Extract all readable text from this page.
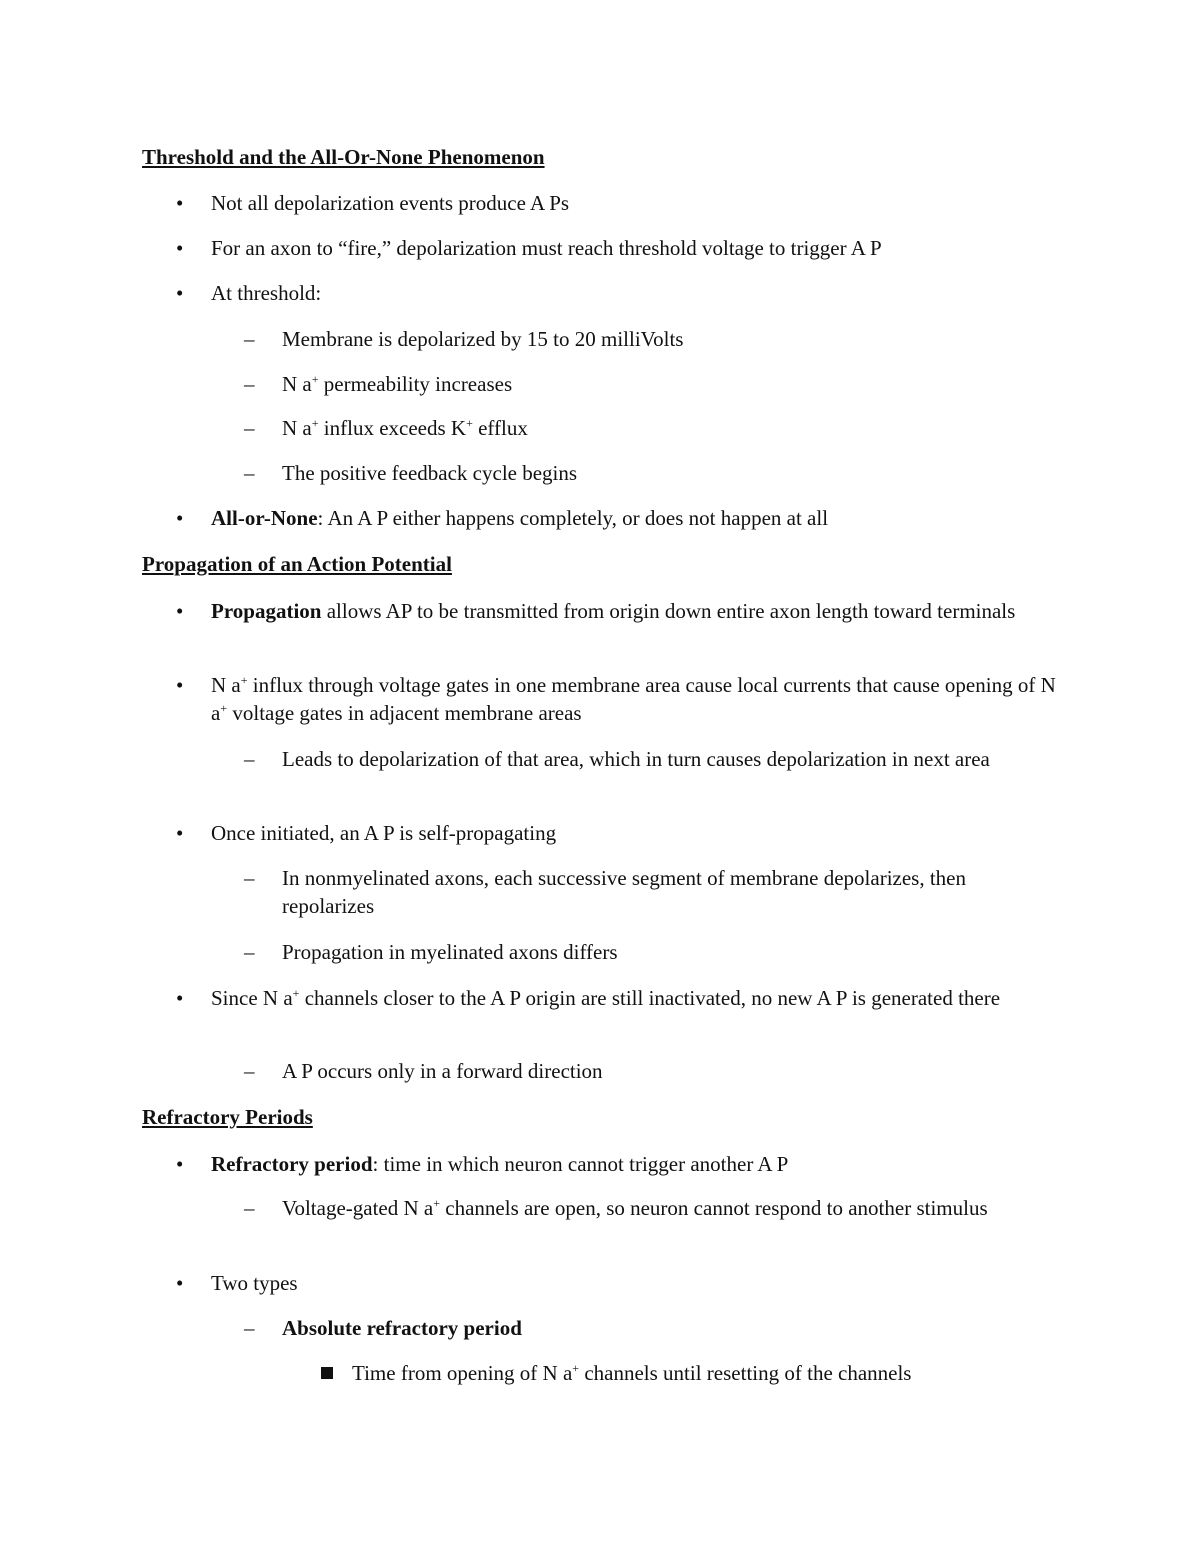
Threshold and the All-Or-None Phenomenon

• Not all depolarization events produce A Ps

• For an axon to “fire,” depolarization must reach threshold voltage to trigger A P

• At threshold:

– Membrane is depolarized by 15 to 20 milliVolts

– N a+ permeability increases

– N a+ influx exceeds K+ efflux

– The positive feedback cycle begins

• All-or-None: An A P either happens completely, or does not happen at all

Propagation of an Action Potential

• Propagation allows AP to be transmitted from origin down entire axon length toward terminals

• N a+ influx through voltage gates in one membrane area cause local currents that cause opening of N a+ voltage gates in adjacent membrane areas

– Leads to depolarization of that area, which in turn causes depolarization in next area

• Once initiated, an A P is self-propagating

– In nonmyelinated axons, each successive segment of membrane depolarizes, then repolarizes

– Propagation in myelinated axons differs

• Since N a+ channels closer to the A P origin are still inactivated, no new A P is generated there

– A P occurs only in a forward direction

Refractory Periods

• Refractory period: time in which neuron cannot trigger another A P

– Voltage-gated N a+ channels are open, so neuron cannot respond to another stimulus

• Two types

– Absolute refractory period

Time from opening of N a+ channels until resetting of the channels
